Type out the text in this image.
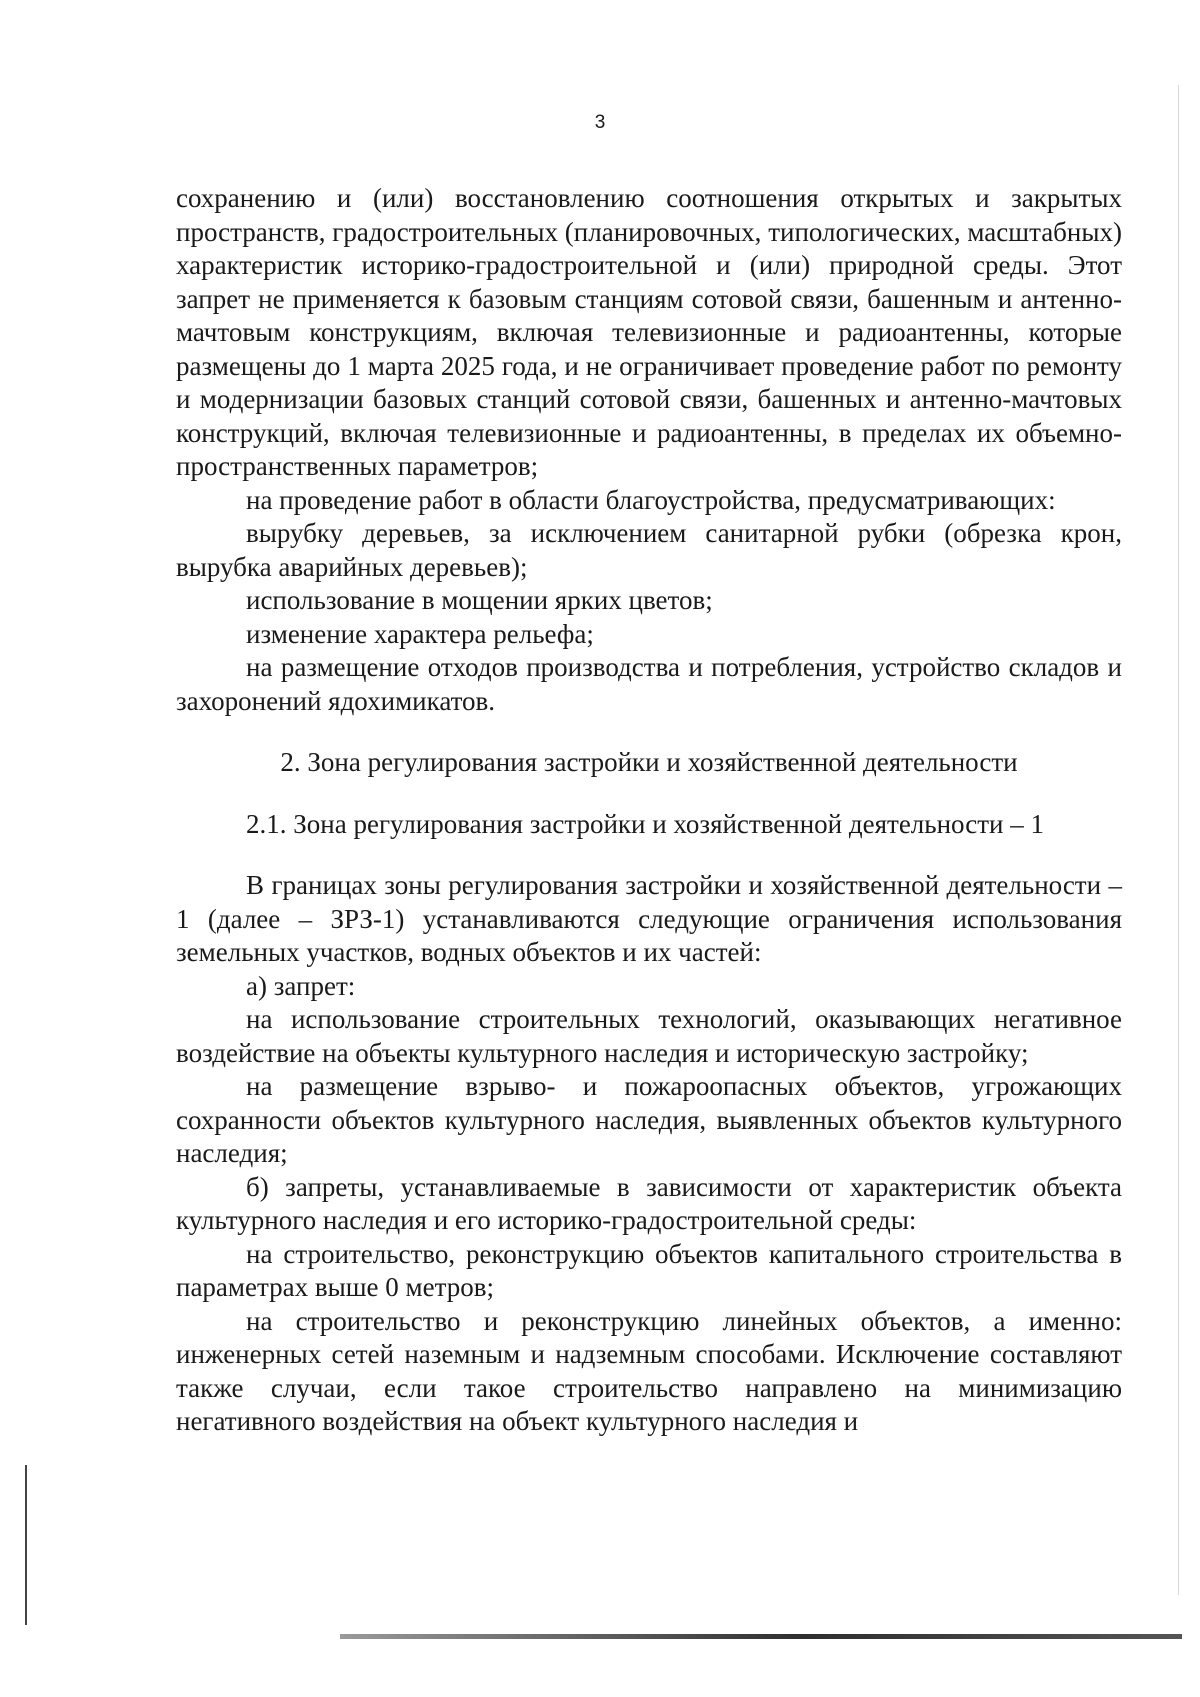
3

сохранению и (или) восстановлению соотношения открытых и закрытых пространств, градостроительных (планировочных, типологических, масштабных) характеристик историко-градостроительной и (или) природной среды. Этот запрет не применяется к базовым станциям сотовой связи, башенным и антенно-мачтовым конструкциям, включая телевизионные и радиоантенны, которые размещены до 1 марта 2025 года, и не ограничивает проведение работ по ремонту и модернизации базовых станций сотовой связи, башенных и антенно-мачтовых конструкций, включая телевизионные и радиоантенны, в пределах их объемно-пространственных параметров;

на проведение работ в области благоустройства, предусматривающих:

вырубку деревьев, за исключением санитарной рубки (обрезка крон, вырубка аварийных деревьев);

использование в мощении ярких цветов;

изменение характера рельефа;

на размещение отходов производства и потребления, устройство складов и захоронений ядохимикатов.

2. Зона регулирования застройки и хозяйственной деятельности

2.1. Зона регулирования застройки и хозяйственной деятельности – 1

В границах зоны регулирования застройки и хозяйственной деятельности – 1 (далее – ЗРЗ-1) устанавливаются следующие ограничения использования земельных участков, водных объектов и их частей:

а) запрет:

на использование строительных технологий, оказывающих негативное воздействие на объекты культурного наследия и историческую застройку;

на размещение взрыво- и пожароопасных объектов, угрожающих сохранности объектов культурного наследия, выявленных объектов культурного наследия;

б) запреты, устанавливаемые в зависимости от характеристик объекта культурного наследия и его историко-градостроительной среды:

на строительство, реконструкцию объектов капитального строительства в параметрах выше 0 метров;

на строительство и реконструкцию линейных объектов, а именно: инженерных сетей наземным и надземным способами. Исключение составляют также случаи, если такое строительство направлено на минимизацию негативного воздействия на объект культурного наследия и
